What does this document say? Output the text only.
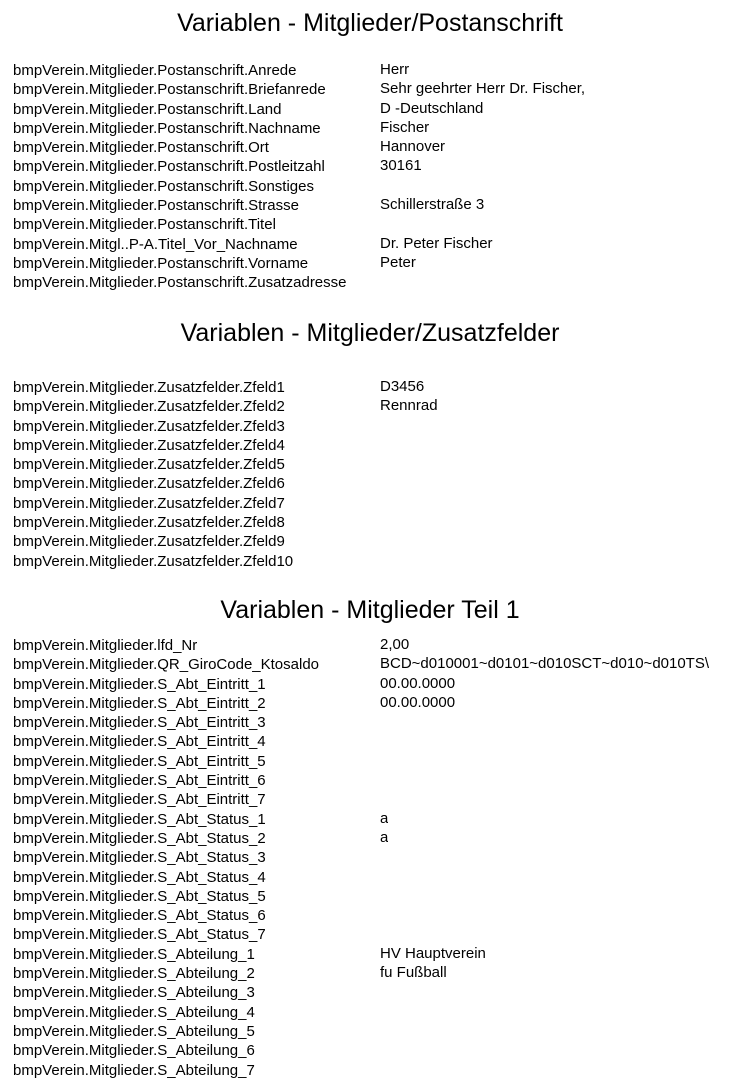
Variablen - Mitglieder/Postanschrift
bmpVerein.Mitglieder.Postanschrift.Anrede	Herr
bmpVerein.Mitglieder.Postanschrift.Briefanrede	Sehr geehrter Herr Dr. Fischer,
bmpVerein.Mitglieder.Postanschrift.Land	D -Deutschland
bmpVerein.Mitglieder.Postanschrift.Nachname	Fischer
bmpVerein.Mitglieder.Postanschrift.Ort	Hannover
bmpVerein.Mitglieder.Postanschrift.Postleitzahl	30161
bmpVerein.Mitglieder.Postanschrift.Sonstiges
bmpVerein.Mitglieder.Postanschrift.Strasse	Schillerstraße 3
bmpVerein.Mitglieder.Postanschrift.Titel
bmpVerein.Mitgl..P-A.Titel_Vor_Nachname	Dr. Peter Fischer
bmpVerein.Mitglieder.Postanschrift.Vorname	Peter
bmpVerein.Mitglieder.Postanschrift.Zusatzadresse
Variablen - Mitglieder/Zusatzfelder
bmpVerein.Mitglieder.Zusatzfelder.Zfeld1	D3456
bmpVerein.Mitglieder.Zusatzfelder.Zfeld2	Rennrad
bmpVerein.Mitglieder.Zusatzfelder.Zfeld3
bmpVerein.Mitglieder.Zusatzfelder.Zfeld4
bmpVerein.Mitglieder.Zusatzfelder.Zfeld5
bmpVerein.Mitglieder.Zusatzfelder.Zfeld6
bmpVerein.Mitglieder.Zusatzfelder.Zfeld7
bmpVerein.Mitglieder.Zusatzfelder.Zfeld8
bmpVerein.Mitglieder.Zusatzfelder.Zfeld9
bmpVerein.Mitglieder.Zusatzfelder.Zfeld10
Variablen - Mitglieder Teil 1
bmpVerein.Mitglieder.lfd_Nr	2,00
bmpVerein.Mitglieder.QR_GiroCode_Ktosaldo	BCD~d010001~d0101~d010SCT~d010~d010TS\
bmpVerein.Mitglieder.S_Abt_Eintritt_1	00.00.0000
bmpVerein.Mitglieder.S_Abt_Eintritt_2	00.00.0000
bmpVerein.Mitglieder.S_Abt_Eintritt_3
bmpVerein.Mitglieder.S_Abt_Eintritt_4
bmpVerein.Mitglieder.S_Abt_Eintritt_5
bmpVerein.Mitglieder.S_Abt_Eintritt_6
bmpVerein.Mitglieder.S_Abt_Eintritt_7
bmpVerein.Mitglieder.S_Abt_Status_1	a
bmpVerein.Mitglieder.S_Abt_Status_2	a
bmpVerein.Mitglieder.S_Abt_Status_3
bmpVerein.Mitglieder.S_Abt_Status_4
bmpVerein.Mitglieder.S_Abt_Status_5
bmpVerein.Mitglieder.S_Abt_Status_6
bmpVerein.Mitglieder.S_Abt_Status_7
bmpVerein.Mitglieder.S_Abteilung_1	HV Hauptverein
bmpVerein.Mitglieder.S_Abteilung_2	fu Fußball
bmpVerein.Mitglieder.S_Abteilung_3
bmpVerein.Mitglieder.S_Abteilung_4
bmpVerein.Mitglieder.S_Abteilung_5
bmpVerein.Mitglieder.S_Abteilung_6
bmpVerein.Mitglieder.S_Abteilung_7
